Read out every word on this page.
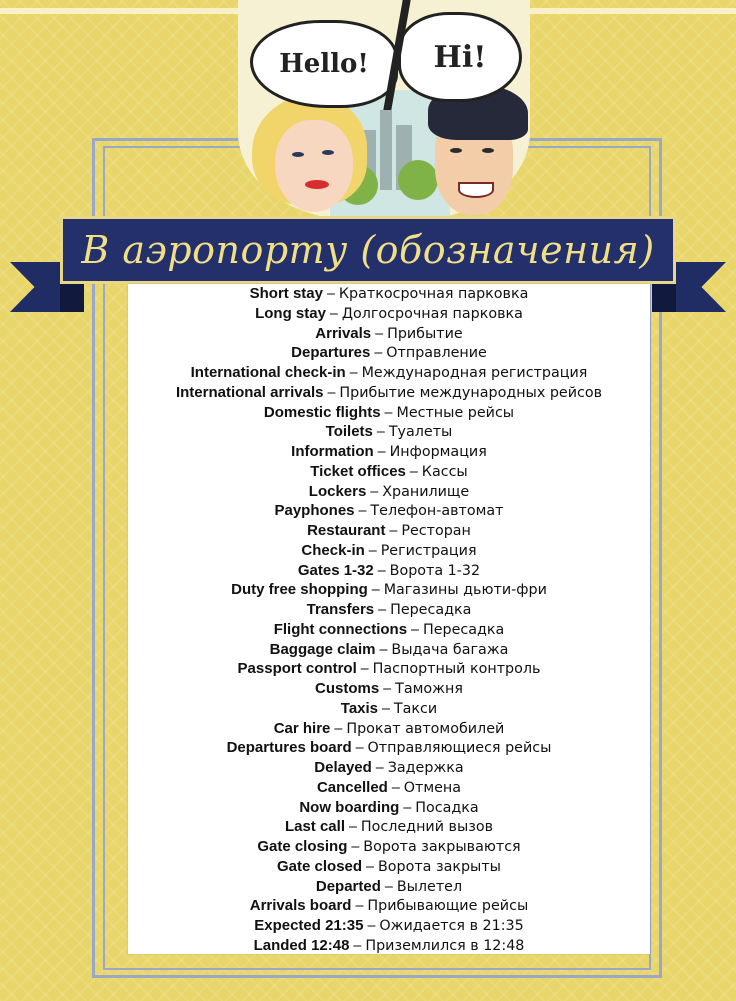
Hello! Hi!
В аэропорту (обозначения)
Short stay – Краткосрочная парковка
Long stay – Долгосрочная парковка
Arrivals – Прибытие
Departures – Отправление
International check-in – Международная регистрация
International arrivals – Прибытие международных рейсов
Domestic flights – Местные рейсы
Toilets – Туалеты
Information – Информация
Ticket offices – Кассы
Lockers – Хранилище
Payphones – Телефон-автомат
Restaurant – Ресторан
Check-in – Регистрация
Gates 1-32 – Ворота 1-32
Duty free shopping – Магазины дьюти-фри
Transfers – Пересадка
Flight connections – Пересадка
Baggage claim – Выдача багажа
Passport control – Паспортный контроль
Customs – Таможня
Taxis – Такси
Car hire – Прокат автомобилей
Departures board – Отправляющиеся рейсы
Delayed – Задержка
Cancelled – Отмена
Now boarding – Посадка
Last call – Последний вызов
Gate closing – Ворота закрываются
Gate closed – Ворота закрыты
Departed – Вылетел
Arrivals board – Прибывающие рейсы
Expected 21:35 – Ожидается в 21:35
Landed 12:48 – Приземлился в 12:48
